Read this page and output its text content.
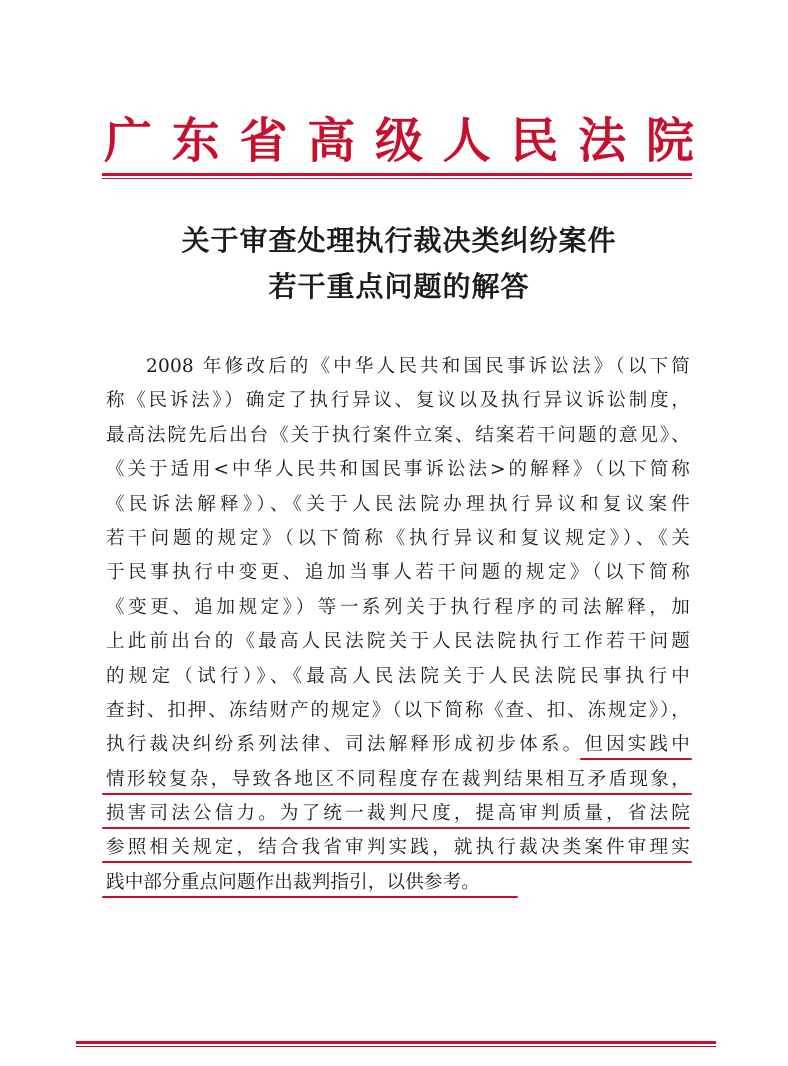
广 东 省 高 级 人 民 法 院
关于审查处理执行裁决类纠纷案件
若干重点问题的解答
2008 年修改后的《中华人民共和国民事诉讼法》（以下简
称《民诉法》）确定了执行异议、复议以及执行异议诉讼制度，
最高法院先后出台《关于执行案件立案、结案若干问题的意见》、
《关于适用<中华人民共和国民事诉讼法>的解释》（以下简称
《民诉法解释》）、《关于人民法院办理执行异议和复议案件
若干问题的规定》（以下简称《执行异议和复议规定》）、《关
于民事执行中变更、追加当事人若干问题的规定》（以下简称
《变更、追加规定》）等一系列关于执行程序的司法解释，加
上此前出台的《最高人民法院关于人民法院执行工作若干问题
的规定（试行）》、《最高人民法院关于人民法院民事执行中
查封、扣押、冻结财产的规定》（以下简称《查、扣、冻规定》），
执行裁决纠纷系列法律、司法解释形成初步体系。但因实践中
情形较复杂，导致各地区不同程度存在裁判结果相互矛盾现象，
损害司法公信力。为了统一裁判尺度，提高审判质量，省法院
参照相关规定，结合我省审判实践，就执行裁决类案件审理实
践中部分重点问题作出裁判指引，以供参考。
